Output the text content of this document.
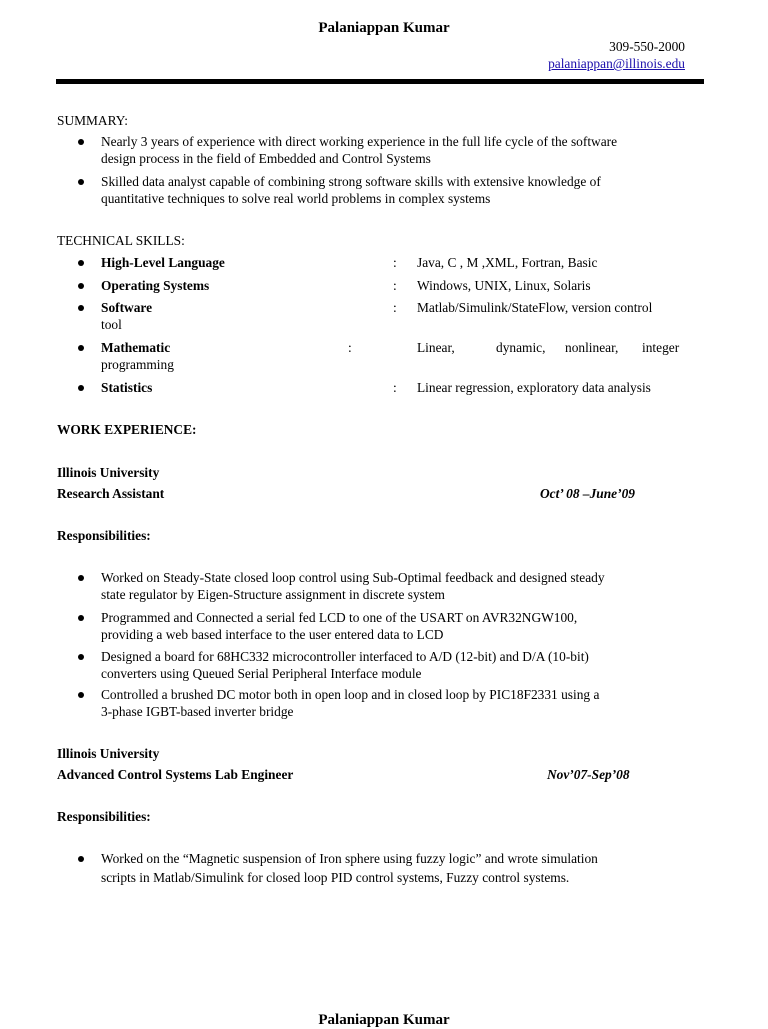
Palaniappan Kumar
309-550-2000
palaniappan@illinois.edu
SUMMARY:
Nearly 3 years of experience with direct working experience in the full life cycle of the software
design process in the field of Embedded and Control Systems
Skilled data analyst capable of combining strong software skills with extensive knowledge of
quantitative techniques to solve real world problems in complex systems
TECHNICAL SKILLS:
High-Level Language	: Java, C , M ,XML, Fortran, Basic
Operating Systems	: Windows, UNIX, Linux, Solaris
Software	: Matlab/Simulink/StateFlow, version control
tool
Mathematic	:	Linear,	dynamic, nonlinear, integer
programming
Statistics	: Linear regression, exploratory data analysis
WORK EXPERIENCE:
Illinois University
Research Assistant	Oct’ 08 –June’09
Responsibilities:
Worked on Steady-State closed loop control using Sub-Optimal feedback and designed steady
state regulator by Eigen-Structure assignment in discrete system
Programmed and Connected a serial fed LCD to one of the USART on AVR32NGW100,
providing a web based interface to the user entered data to LCD
Designed a board for 68HC332 microcontroller interfaced to A/D (12-bit) and D/A (10-bit)
converters using Queued Serial Peripheral Interface module
Controlled a brushed DC motor both in open loop and in closed loop by PIC18F2331 using a
3-phase IGBT-based inverter bridge
Illinois University
Advanced Control Systems Lab Engineer	Nov’07-Sep’08
Responsibilities:
Worked on the “Magnetic suspension of Iron sphere using fuzzy logic” and wrote simulation
scripts in Matlab/Simulink for closed loop PID control systems, Fuzzy control systems.
Palaniappan Kumar
